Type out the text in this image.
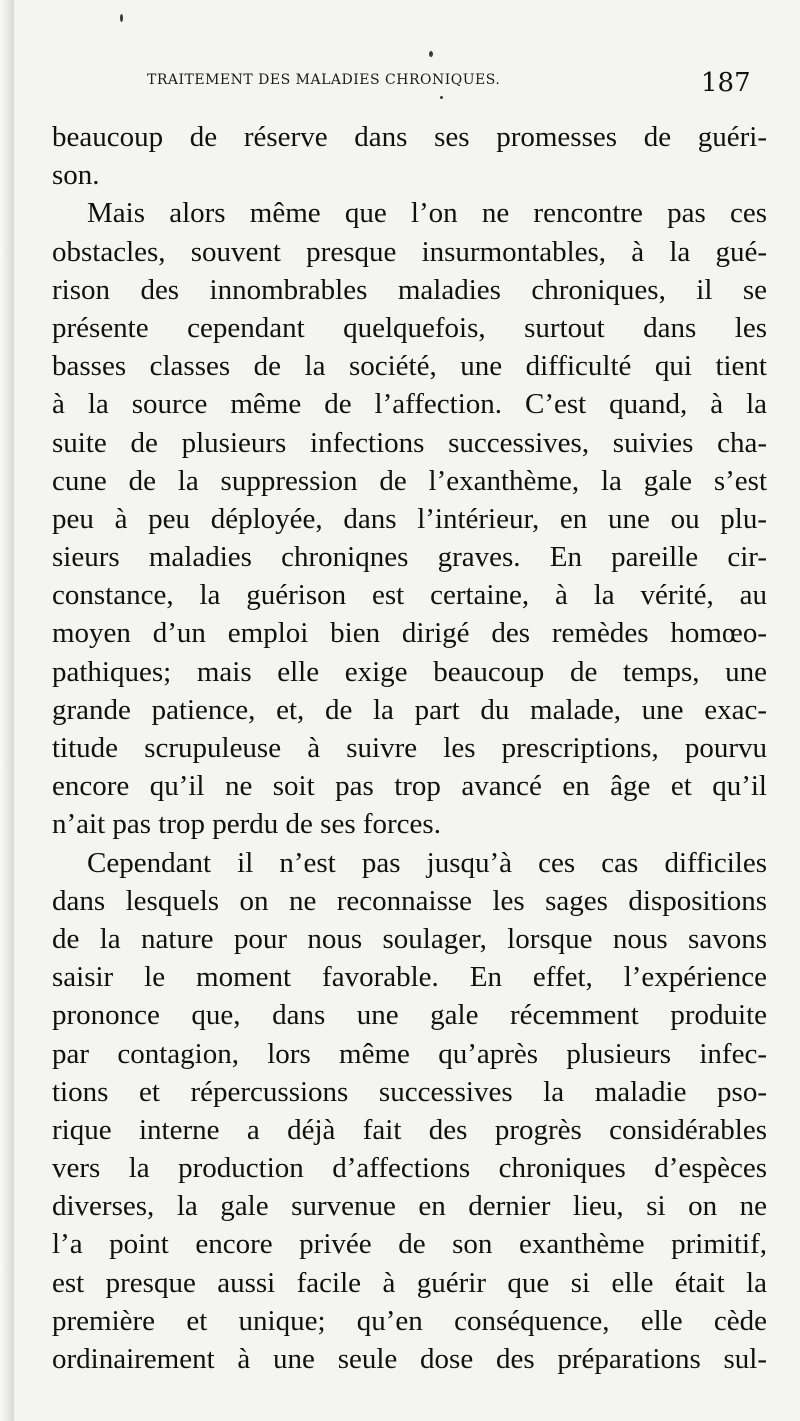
TRAITEMENT DES MALADIES CHRONIQUES.	187
beaucoup de réserve dans ses promesses de guéri-
son.
Mais alors même que l’on ne rencontre pas ces
obstacles, souvent presque insurmontables, à la gué-
rison des innombrables maladies chroniques, il se
présente cependant quelquefois, surtout dans les
basses classes de la société, une difficulté qui tient
à la source même de l’affection. C’est quand, à la
suite de plusieurs infections successives, suivies cha-
cune de la suppression de l’exanthème, la gale s’est
peu à peu déployée, dans l’intérieur, en une ou plu-
sieurs maladies chroniqnes graves. En pareille cir-
constance, la guérison est certaine, à la vérité, au
moyen d’un emploi bien dirigé des remèdes homœo-
pathiques; mais elle exige beaucoup de temps, une
grande patience, et, de la part du malade, une exac-
titude scrupuleuse à suivre les prescriptions, pourvu
encore qu’il ne soit pas trop avancé en âge et qu’il
n’ait pas trop perdu de ses forces.
Cependant il n’est pas jusqu’à ces cas difficiles
dans lesquels on ne reconnaisse les sages dispositions
de la nature pour nous soulager, lorsque nous savons
saisir le moment favorable. En effet, l’expérience
prononce que, dans une gale récemment produite
par contagion, lors même qu’après plusieurs infec-
tions et répercussions successives la maladie pso-
rique interne a déjà fait des progrès considérables
vers la production d’affections chroniques d’espèces
diverses, la gale survenue en dernier lieu, si on ne
l’a point encore privée de son exanthème primitif,
est presque aussi facile à guérir que si elle était la
première et unique; qu’en conséquence, elle cède
ordinairement à une seule dose des préparations sul-
